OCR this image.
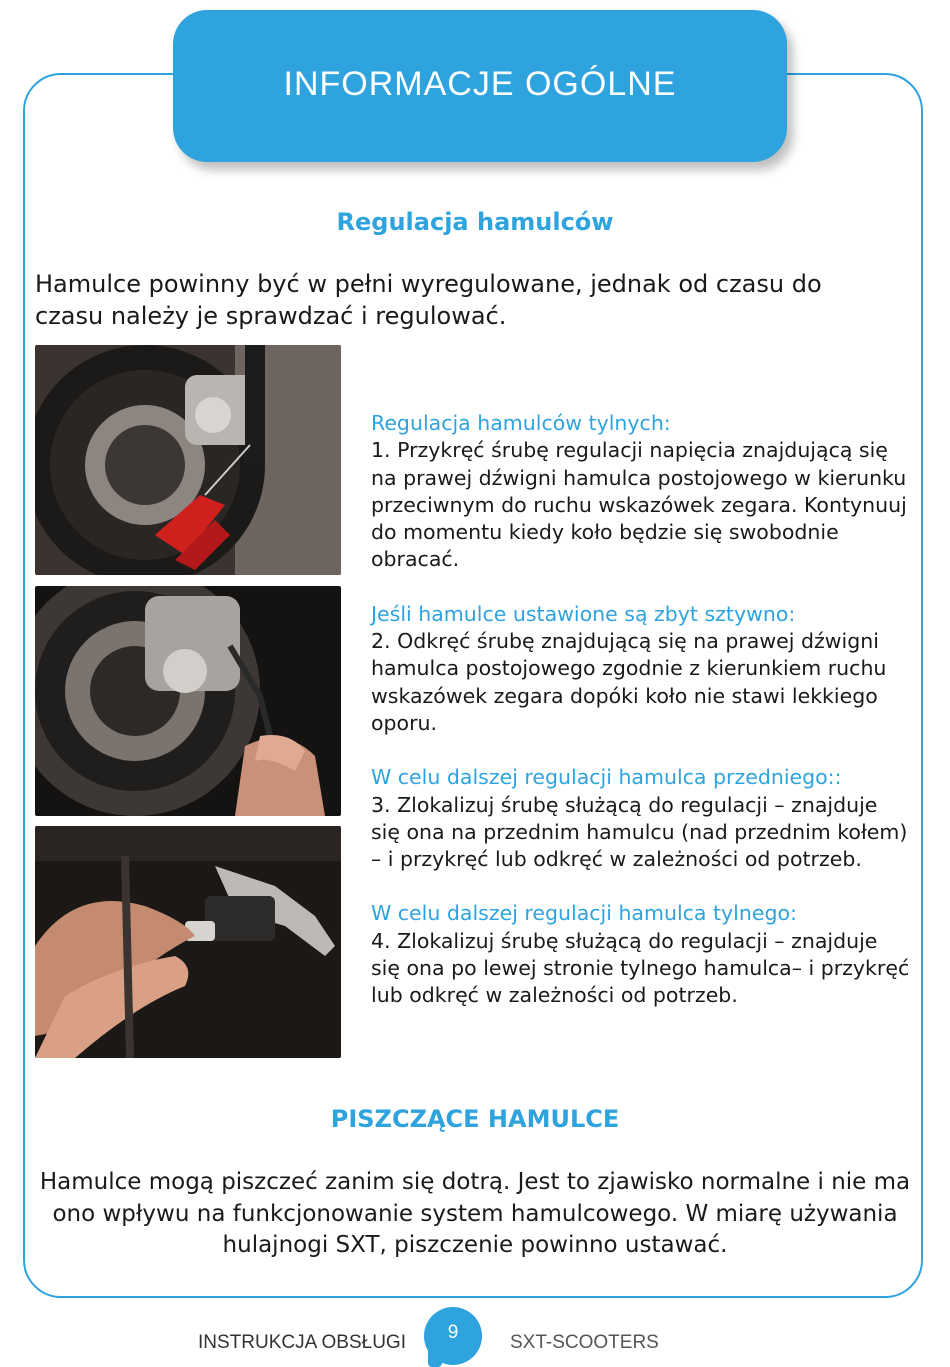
INFORMACJE OGÓLNE
Regulacja hamulców
Hamulce powinny być w pełni wyregulowane, jednak od czasu do czasu należy je sprawdzać i regulować.
Regulacja hamulców tylnych:
1. Przykręć śrubę regulacji napięcia znajdującą się na prawej dźwigni hamulca postojowego w kierunku przeciwnym do ruchu wskazówek zegara. Kontynuuj do momentu kiedy koło będzie się swobodnie obracać.
Jeśli hamulce ustawione są zbyt sztywno:
2. Odkręć śrubę znajdującą się na prawej dźwigni hamulca postojowego zgodnie z kierunkiem ruchu wskazówek zegara dopóki koło nie stawi lekkiego oporu.
W celu dalszej regulacji hamulca przedniego::
3. Zlokalizuj śrubę służącą do regulacji – znajduje się ona na przednim hamulcu (nad przednim kołem) – i przykręć lub odkręć w zależności od potrzeb.
W celu dalszej regulacji hamulca tylnego:
4. Zlokalizuj śrubę służącą do regulacji – znajduje się ona po lewej stronie tylnego hamulca– i przykręć lub odkręć w zależności od potrzeb.
PISZCZĄCE HAMULCE
Hamulce mogą piszczeć zanim się dotrą. Jest to zjawisko normalne i nie ma ono wpływu na funkcjonowanie system hamulcowego. W miarę używania hulajnogi SXT, piszczenie powinno ustawać.
INSTRUKCJA OBSŁUGI	9	SXT-SCOOTERS
